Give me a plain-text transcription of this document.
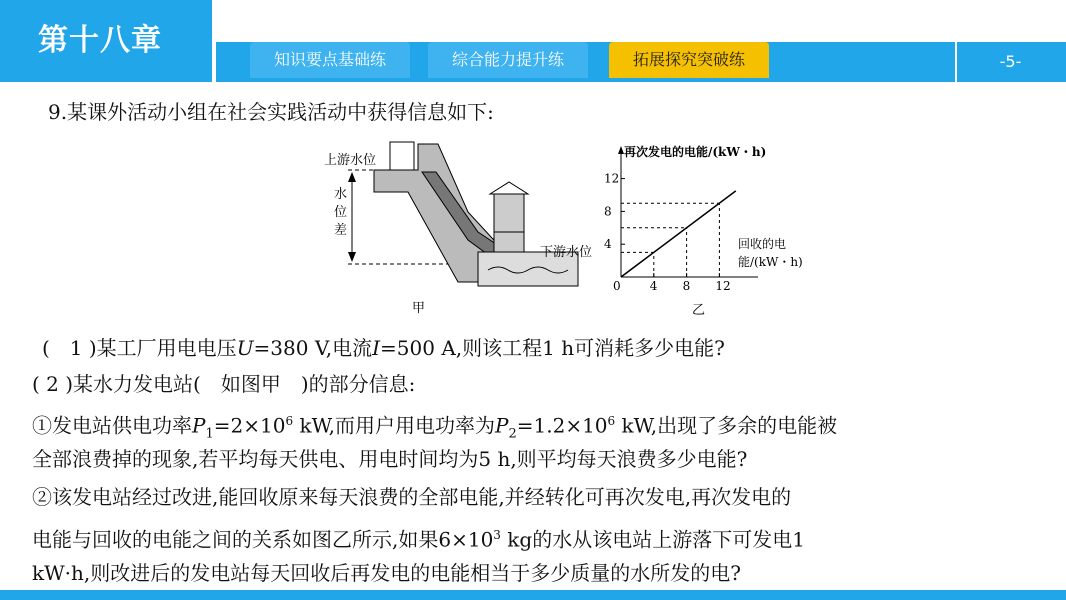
第十八章
知识要点基础练	综合能力提升练	拓展探究突破练	-5-
9.某课外活动小组在社会实践活动中获得信息如下:
上游水位
水
位
差
下游水位
甲
再次发电的电能/(kW・h)
回收的电
能/(kW・h)
0 4 8 12
4
8
12
乙
(　1 )某工厂用电电压U=380 V,电流I=500 A,则该工程1 h可消耗多少电能?
( 2 )某水力发电站(　如图甲　)的部分信息:
①发电站供电功率$P_1=2\times 10^6$ kW,而用户用电功率为$P_2=1.2\times 10^6$ kW,出现了多余的电能被
全部浪费掉的现象,若平均每天供电、用电时间均为5 h,则平均每天浪费多少电能?
②该发电站经过改进,能回收原来每天浪费的全部电能,并经转化可再次发电,再次发电的
电能与回收的电能之间的关系如图乙所示,如果$6\times 10^3$ kg的水从该电站上游落下可发电1
kW·h,则改进后的发电站每天回收后再发电的电能相当于多少质量的水所发的电?
